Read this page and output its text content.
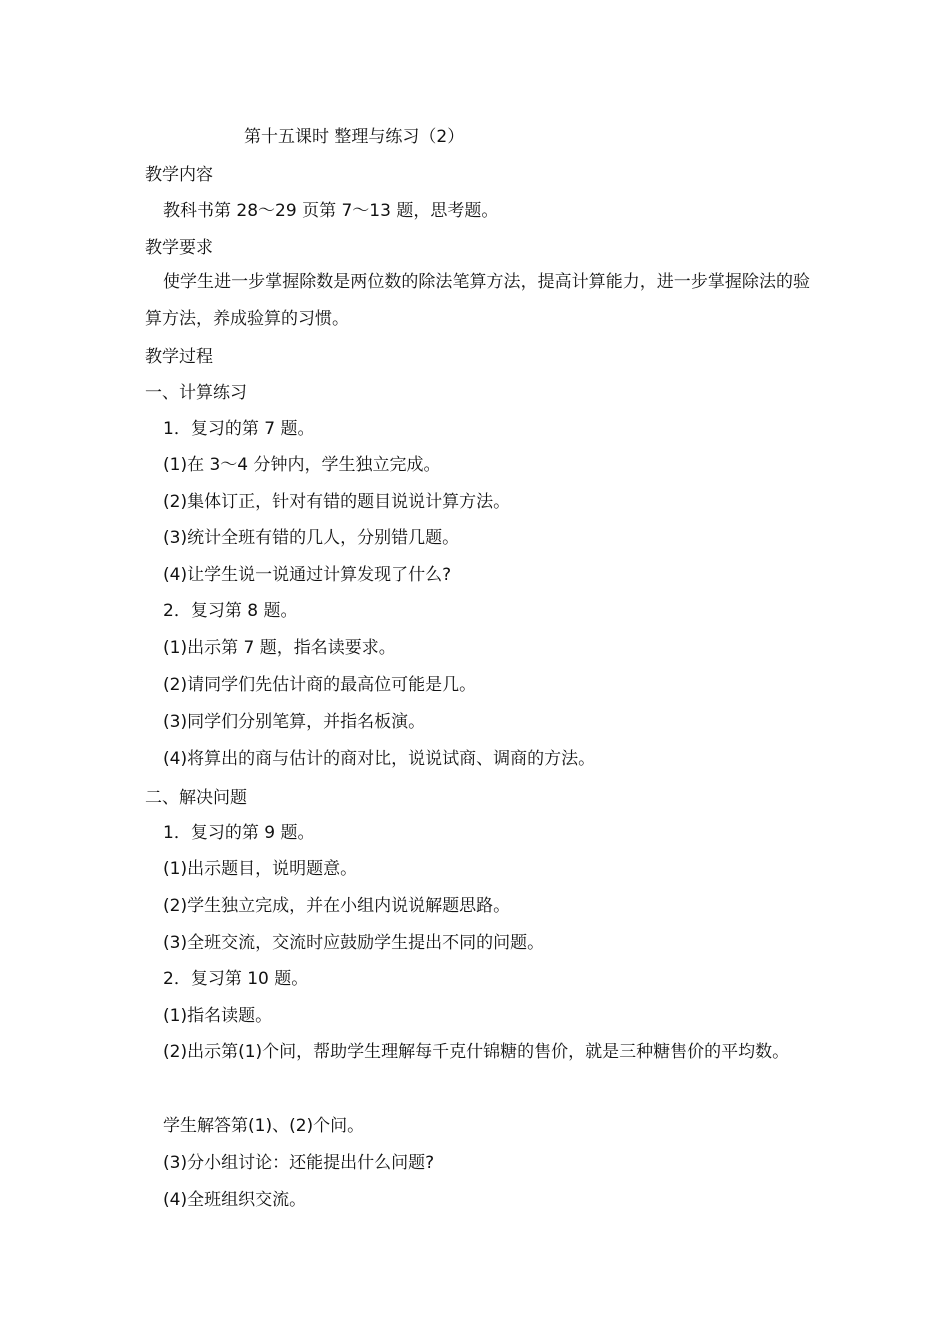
第十五课时 整理与练习（2）
教学内容
教科书第 28～29 页第 7～13 题，思考题。
教学要求
使学生进一步掌握除数是两位数的除法笔算方法，提高计算能力，进一步掌握除法的验算方法，养成验算的习惯。
教学过程
一、计算练习
1．复习的第 7 题。
(1)在 3～4 分钟内，学生独立完成。
(2)集体订正，针对有错的题目说说计算方法。
(3)统计全班有错的几人，分别错几题。
(4)让学生说一说通过计算发现了什么?
2．复习第 8 题。
(1)出示第 7 题，指名读要求。
(2)请同学们先估计商的最高位可能是几。
(3)同学们分别笔算，并指名板演。
(4)将算出的商与估计的商对比，说说试商、调商的方法。
二、解决问题
1．复习的第 9 题。
(1)出示题目，说明题意。
(2)学生独立完成，并在小组内说说解题思路。
(3)全班交流，交流时应鼓励学生提出不同的问题。
2．复习第 10 题。
(1)指名读题。
(2)出示第(1)个问，帮助学生理解每千克什锦糖的售价，就是三种糖售价的平均数。
学生解答第(1)、(2)个问。
(3)分小组讨论：还能提出什么问题?
(4)全班组织交流。
